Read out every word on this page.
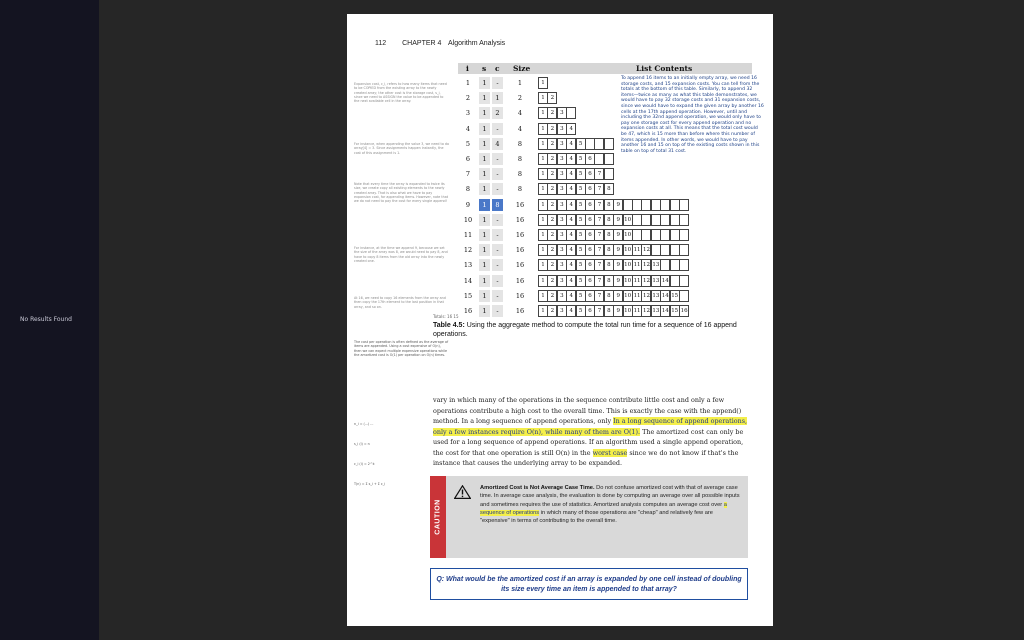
No Results Found
112 CHAPTER 4 Algorithm Analysis
Expansion cost, c_i, refers to how many items that need to be COPIED from the existing array to the newly created array; the other cost is the storage cost, s_i, since we need to ASSIGN the value to be appended to the next available cell in the array.
For instance, when appending the value 3, we need to do array[4] = 3. Since assignments happen instantly, the cost of this assignment is 1.
Note that every time the array is expanded to twice its size, we create copy all existing elements to the newly created array. That is also what we have to pay expansion cost, for appending items. However, note that we do not need to pay the cost for every single append!
For instance, at the time we append 9, because we set the size of the array was 8, we would need to pay 8, and have to copy 8 items from the old array into the newly created one.
At 16, we need to copy 16 elements from the array and then copy the 17th element to the last position in that array, and so on.
The cost per operation is often defined as the average of items are appended. Using a cost expensive of O(n), then we can expect multiple expensive operations while the amortized cost is O(1) per operation on O(n) times.
n_i = (...) ...
s_i (i) = n
c_i (i) = 2^k
T(n) = Σ s_i + Σ c_i
i s c Size	List Contents
1	1	-	1	1
2	1	1	2	1	2
3	1	2	4	1	2	3
4	1	-	4	1	2	3	4
5	1	4	8	1	2	3	4	5
6	1	-	8	1	2	3	4	5	6
7	1	-	8	1	2	3	4	5	6	7
8	1	-	8	1	2	3	4	5	6	7	8
9	1	8	16	1	2	3	4	5	6	7	8	9
10	1	-	16	1	2	3	4	5	6	7	8	9 10
11	1	-	16	1	2	3	4	5	6	7	8	9 10
12	1	-	16	1	2	3	4	5	6	7	8	9 10 11 12
13	1	-	16	1	2	3	4	5	6	7	8	9 10 11 12 13
14	1	-	16	1	2	3	4	5	6	7	8	9 10 11 12 13 14
15	1	-	16	1	2	3	4	5	6	7	8	9 10 11 12 13 14 15
16	1	-	16	1	2	3	4	5	6	7	8	9 10 11 12 13 14 15 16
To append 16 items to an initially empty array, we need 16 storage costs, and 15 expansion costs. You can tell from the totals at the bottom of this table. Similarly, to append 32 items—twice as many as what this table demonstrates, we would have to pay 32 storage costs and 31 expansion costs, since we would have to expand the given array by another 16 cells at the 17th append operation. However, until and including the 32nd append operation, we would only have to pay one storage cost for every append operation and no expansion costs at all. This means that the total cost would be 47, which is 15 more than before where this number of items appended. In other words, we would have to pay another 16 and 15 on top of the existing costs shown in this table on top of total 31 cost.
Totals: 16 15
Table 4.5: Using the aggregate method to compute the total run time for a sequence of 16 append operations.
vary in which many of the operations in the sequence contribute little cost and only a few operations contribute a high cost to the overall time. This is exactly the case with the append() method. In a long sequence of append operations, only In a long sequence of append operations, only a few instances require O(n), while many of them are O(1). The amortized cost can only be used for a long sequence of append operations. If an algorithm used a single append operation, the cost for that one operation is still O(n) in the worst case since we do not know if that's the instance that causes the underlying array to be expanded.
CAUTION
Amortized Cost is Not Average Case Time. Do not confuse amortized cost with that of average case time. In average case analysis, the evaluation is done by computing an average over all possible inputs and sometimes requires the use of statistics. Amortized analysis computes an average cost over a sequence of operations in which many of those operations are "cheap" and relatively few are "expensive" in terms of contributing to the overall time.
Q: What would be the amortized cost if an array is expanded by one cell instead of doubling its size every time an item is appended to that array?
